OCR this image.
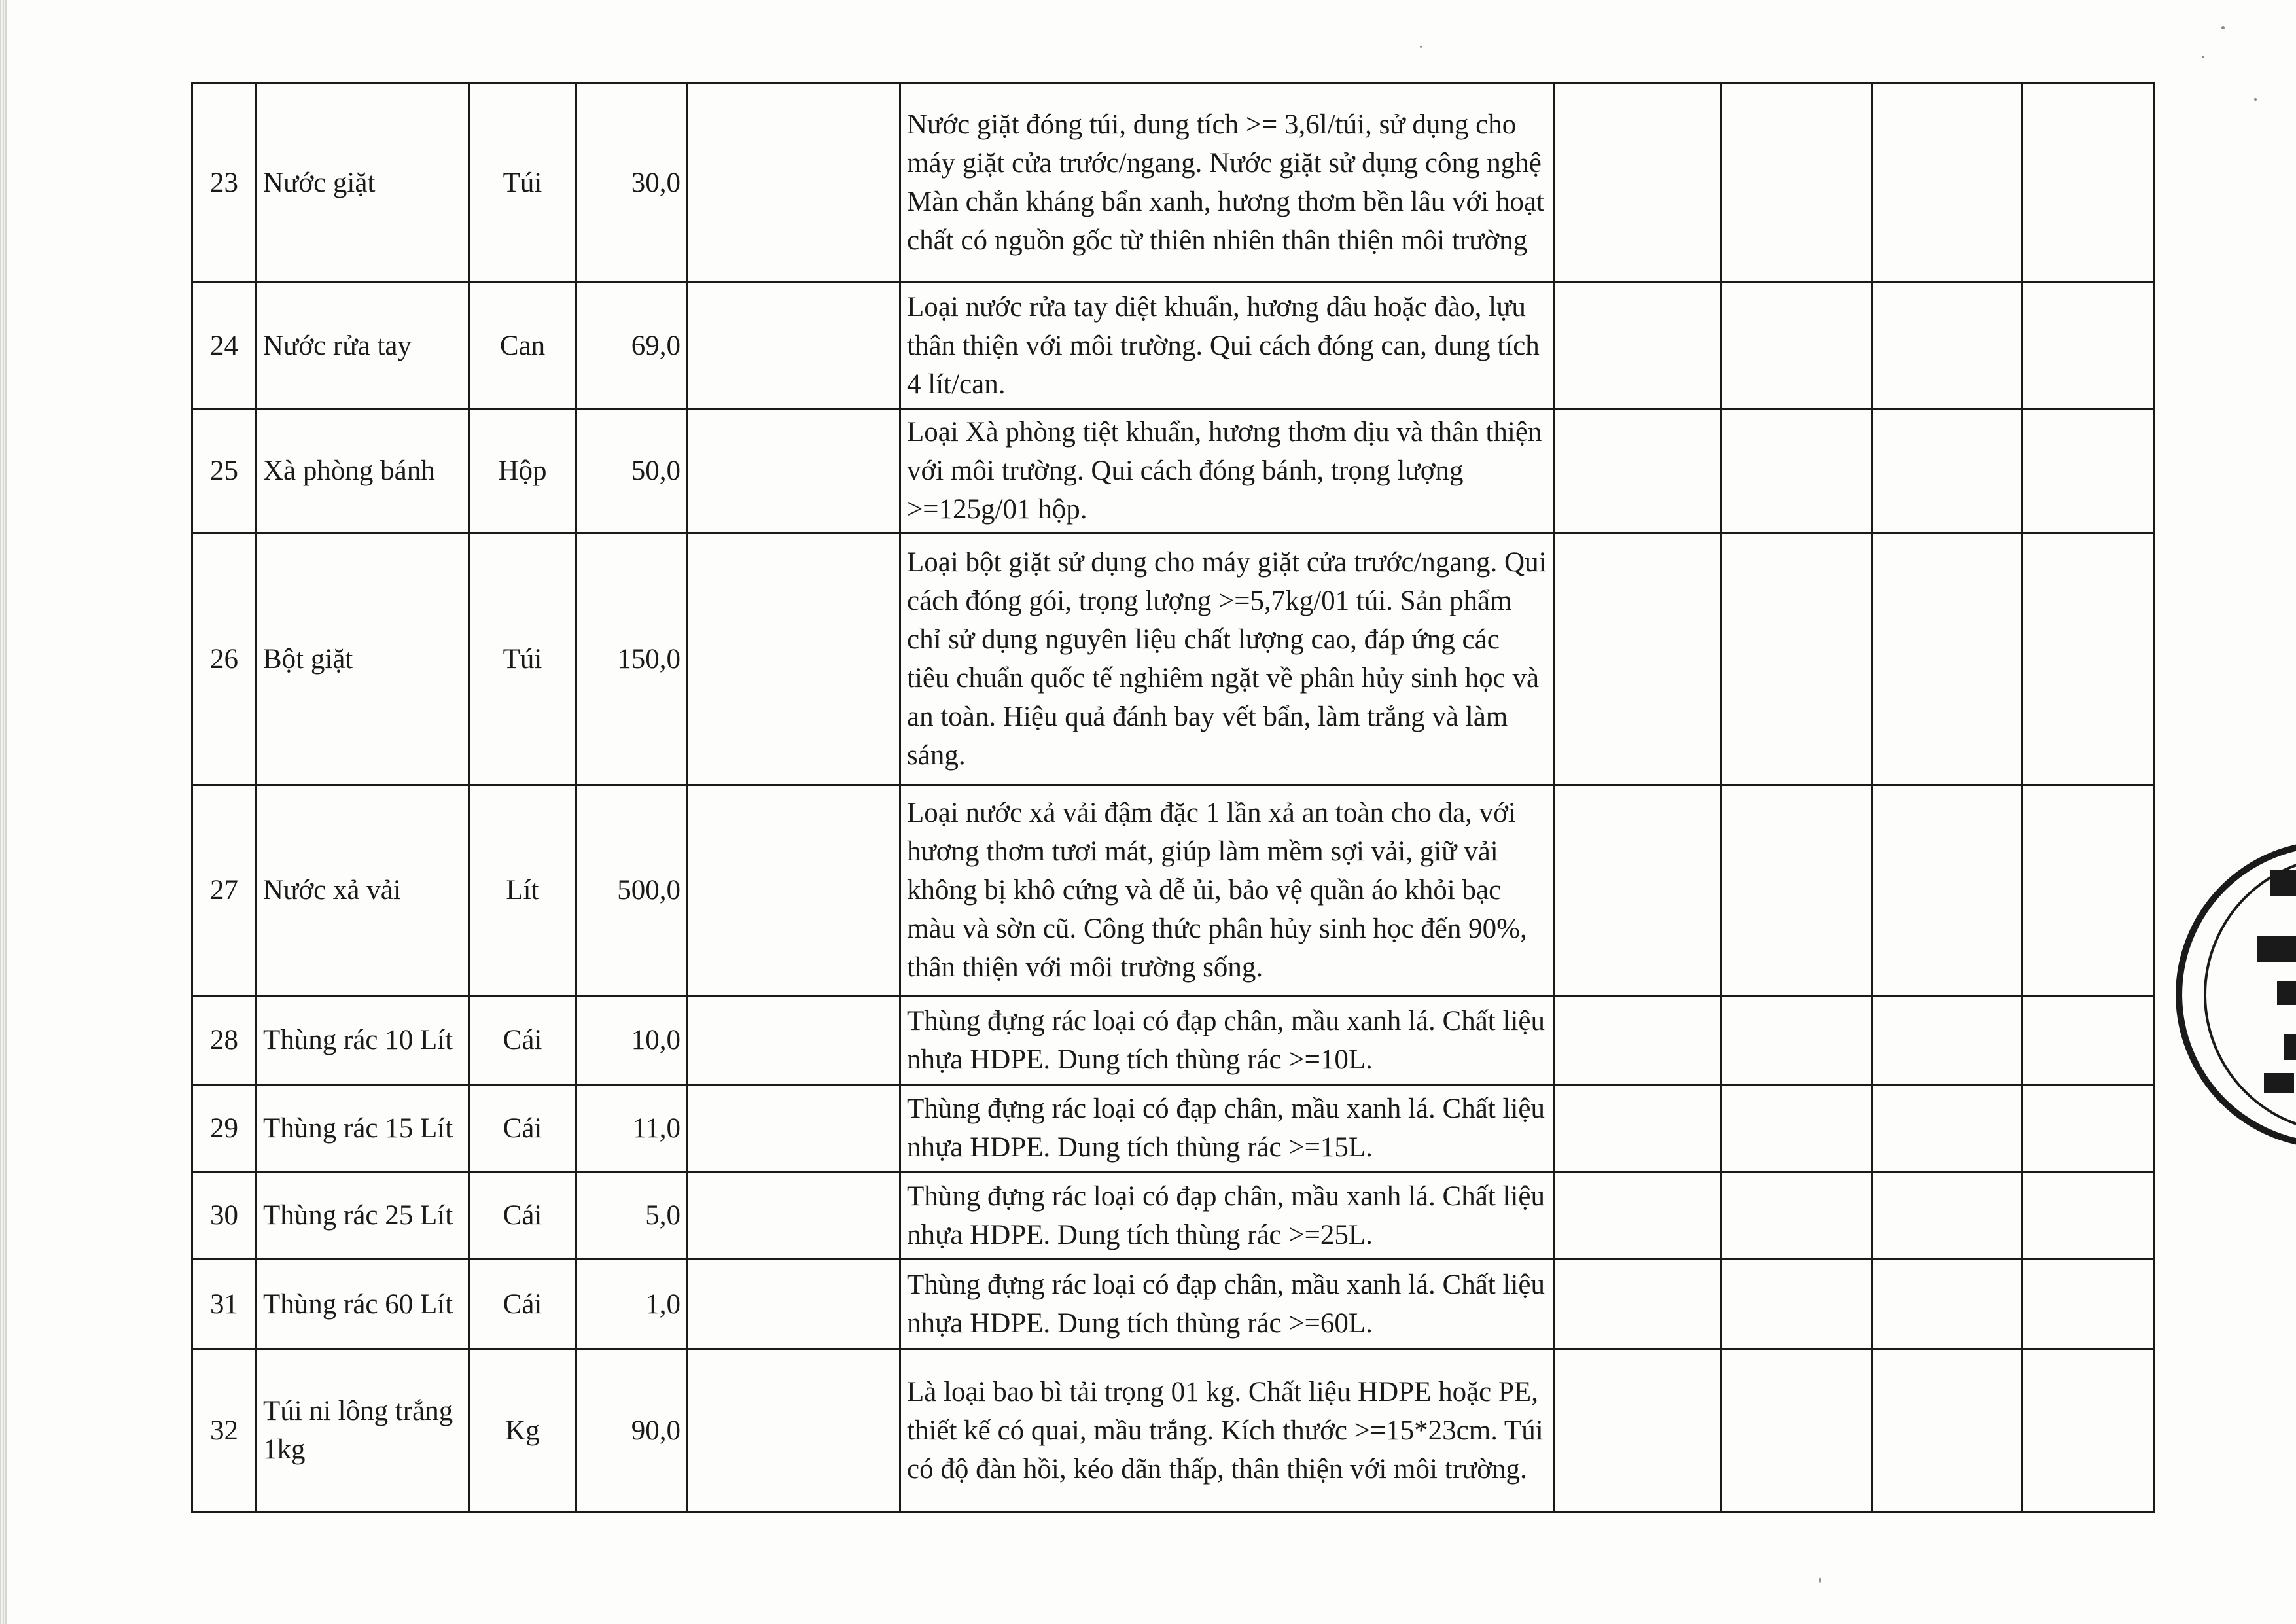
23	Nước giặt	Túi	30,0		Nước giặt đóng túi, dung tích >= 3,6l/túi, sử dụng cho máy giặt cửa trước/ngang. Nước giặt sử dụng công nghệ Màn chắn kháng bẩn xanh, hương thơm bền lâu với hoạt chất có nguồn gốc từ thiên nhiên thân thiện môi trường				
24	Nước rửa tay	Can	69,0		Loại nước rửa tay diệt khuẩn, hương dâu hoặc đào, lựu thân thiện với môi trường. Qui cách đóng can, dung tích 4 lít/can.				
25	Xà phòng bánh	Hộp	50,0		Loại Xà phòng tiệt khuẩn, hương thơm dịu và thân thiện với môi trường. Qui cách đóng bánh, trọng lượng >=125g/01 hộp.				
26	Bột giặt	Túi	150,0		Loại bột giặt sử dụng cho máy giặt cửa trước/ngang. Qui cách đóng gói, trọng lượng >=5,7kg/01 túi. Sản phẩm chỉ sử dụng nguyên liệu chất lượng cao, đáp ứng các tiêu chuẩn quốc tế nghiêm ngặt về phân hủy sinh học và an toàn. Hiệu quả đánh bay vết bẩn, làm trắng và làm sáng.				
27	Nước xả vải	Lít	500,0		Loại nước xả vải đậm đặc 1 lần xả an toàn cho da, với hương thơm tươi mát, giúp làm mềm sợi vải, giữ vải không bị khô cứng và dễ ủi, bảo vệ quần áo khỏi bạc màu và sờn cũ. Công thức phân hủy sinh học đến 90%, thân thiện với môi trường sống.				
28	Thùng rác 10 Lít	Cái	10,0		Thùng đựng rác loại có đạp chân, mầu xanh lá. Chất liệu nhựa HDPE. Dung tích thùng rác >=10L.				
29	Thùng rác 15 Lít	Cái	11,0		Thùng đựng rác loại có đạp chân, mầu xanh lá. Chất liệu nhựa HDPE. Dung tích thùng rác >=15L.				
30	Thùng rác 25 Lít	Cái	5,0		Thùng đựng rác loại có đạp chân, mầu xanh lá. Chất liệu nhựa HDPE. Dung tích thùng rác >=25L.				
31	Thùng rác 60 Lít	Cái	1,0		Thùng đựng rác loại có đạp chân, mầu xanh lá. Chất liệu nhựa HDPE. Dung tích thùng rác >=60L.				
32	Túi ni lông trắng 1kg	Kg	90,0		Là loại bao bì tải trọng 01 kg. Chất liệu HDPE hoặc PE, thiết kế có quai, mầu trắng. Kích thước >=15*23cm. Túi có độ đàn hồi, kéo dãn thấp, thân thiện với môi trường.				
